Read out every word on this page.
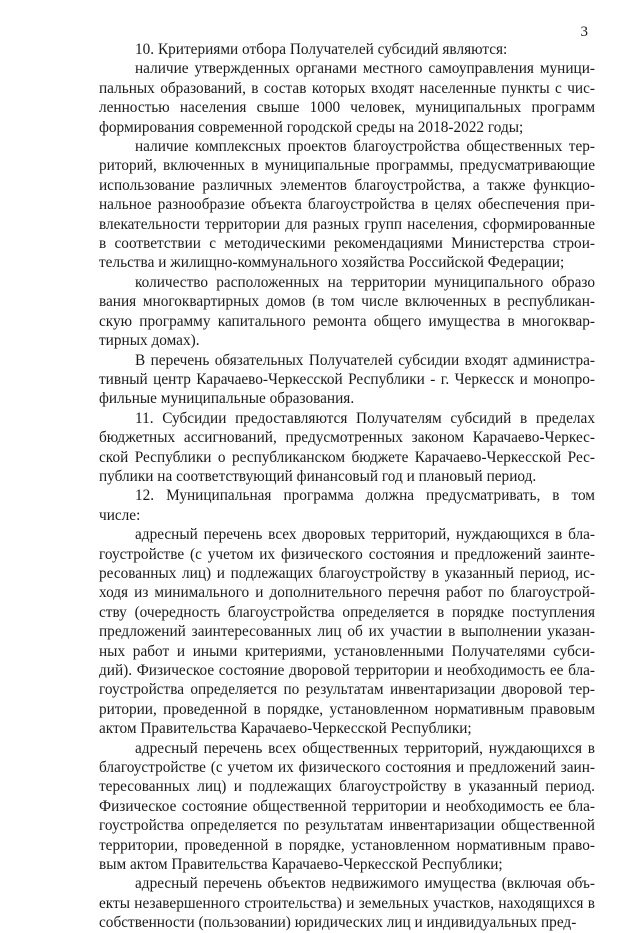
3
10. Критериями отбора Получателей субсидий являются:
наличие утвержденных органами местного самоуправления муници-
пальных образований, в состав которых входят населенные пункты с чис-
ленностью населения свыше 1000 человек, муниципальных программ
формирования современной городской среды на 2018-2022 годы;
наличие комплексных проектов благоустройства общественных тер-
риторий, включенных в муниципальные программы, предусматривающие
использование различных элементов благоустройства, а также функцио-
нальное разнообразие объекта благоустройства в целях обеспечения при-
влекательности территории для разных групп населения, сформированные
в соответствии с методическими рекомендациями Министерства строи-
тельства и жилищно-коммунального хозяйства Российской Федерации;
количество расположенных на территории муниципального образо
вания многоквартирных домов (в том числе включенных в республикан-
скую программу капитального ремонта общего имущества в многоквар-
тирных домах).
В перечень обязательных Получателей субсидии входят администра-
тивный центр Карачаево-Черкесской Республики - г. Черкесск и монопро-
фильные муниципальные образования.
11. Субсидии предоставляются Получателям субсидий в пределах
бюджетных ассигнований, предусмотренных законом Карачаево-Черкес-
ской Республики о республиканском бюджете Карачаево-Черкесской Рес-
публики на соответствующий финансовый год и плановый период.
12. Муниципальная программа должна предусматривать, в том
числе:
адресный перечень всех дворовых территорий, нуждающихся в бла-
гоустройстве (с учетом их физического состояния и предложений заинте-
ресованных лиц) и подлежащих благоустройству в указанный период, ис-
ходя из минимального и дополнительного перечня работ по благоустрой-
ству (очередность благоустройства определяется в порядке поступления
предложений заинтересованных лиц об их участии в выполнении указан-
ных работ и иными критериями, установленными Получателями субси-
дий). Физическое состояние дворовой территории и необходимость ее бла-
гоустройства определяется по результатам инвентаризации дворовой тер-
ритории, проведенной в порядке, установленном нормативным правовым
актом Правительства Карачаево-Черкесской Республики;
адресный перечень всех общественных территорий, нуждающихся в
благоустройстве (с учетом их физического состояния и предложений заин-
тересованных лиц) и подлежащих благоустройству в указанный период.
Физическое состояние общественной территории и необходимость ее бла-
гоустройства определяется по результатам инвентаризации общественной
территории, проведенной в порядке, установленном нормативным право-
вым актом Правительства Карачаево-Черкесской Республики;
адресный перечень объектов недвижимого имущества (включая объ-
екты незавершенного строительства) и земельных участков, находящихся в
собственности (пользовании) юридических лиц и индивидуальных пред-
